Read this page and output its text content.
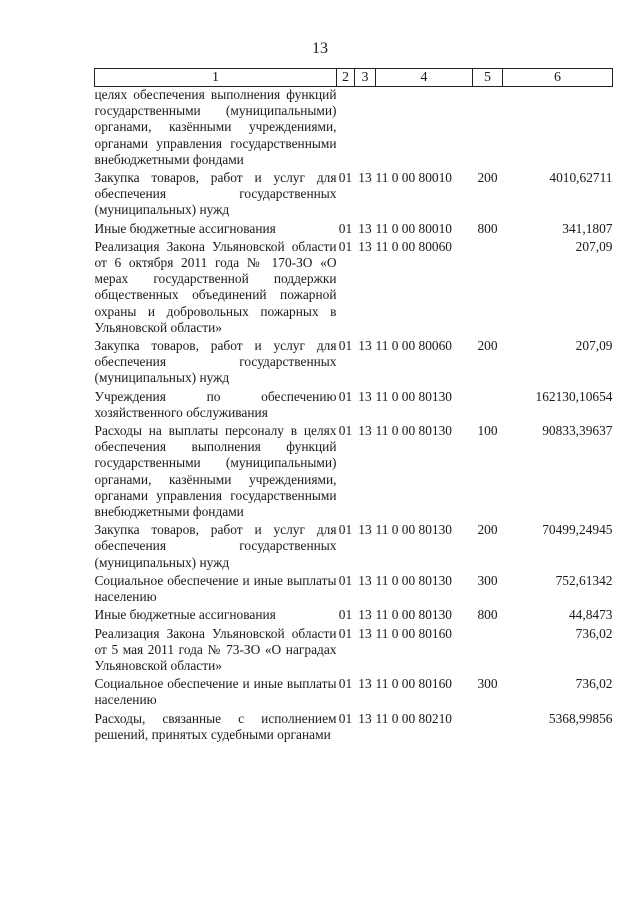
13
1	2	3	4	5	6
целях обеспечения выполнения функций государственными (муниципальными) органами, казёнными учреждениями, органами управления государственными внебюджетными фондами					
Закупка товаров, работ и услуг для обеспечения государственных (муниципальных) нужд	01	13	11 0 00 80010	200	4010,62711
Иные бюджетные ассигнования	01	13	11 0 00 80010	800	341,1807
Реализация Закона Ульяновской области от 6 октября 2011 года № 170-ЗО «О мерах государственной поддержки общественных объединений пожарной охраны и добровольных пожарных в Ульяновской области»	01	13	11 0 00 80060		207,09
Закупка товаров, работ и услуг для обеспечения государственных (муниципальных) нужд	01	13	11 0 00 80060	200	207,09
Учреждения по обеспечению хозяйственного обслуживания	01	13	11 0 00 80130		162130,10654
Расходы на выплаты персоналу в целях обеспечения выполнения функций государственными (муниципальными) органами, казёнными учреждениями, органами управления государственными внебюджетными фондами	01	13	11 0 00 80130	100	90833,39637
Закупка товаров, работ и услуг для обеспечения государственных (муниципальных) нужд	01	13	11 0 00 80130	200	70499,24945
Социальное обеспечение и иные выплаты населению	01	13	11 0 00 80130	300	752,61342
Иные бюджетные ассигнования	01	13	11 0 00 80130	800	44,8473
Реализация Закона Ульяновской области от 5 мая 2011 года № 73-ЗО «О наградах Ульяновской области»	01	13	11 0 00 80160		736,02
Социальное обеспечение и иные выплаты населению	01	13	11 0 00 80160	300	736,02
Расходы, связанные с исполнением решений, принятых судебными органами	01	13	11 0 00 80210		5368,99856
